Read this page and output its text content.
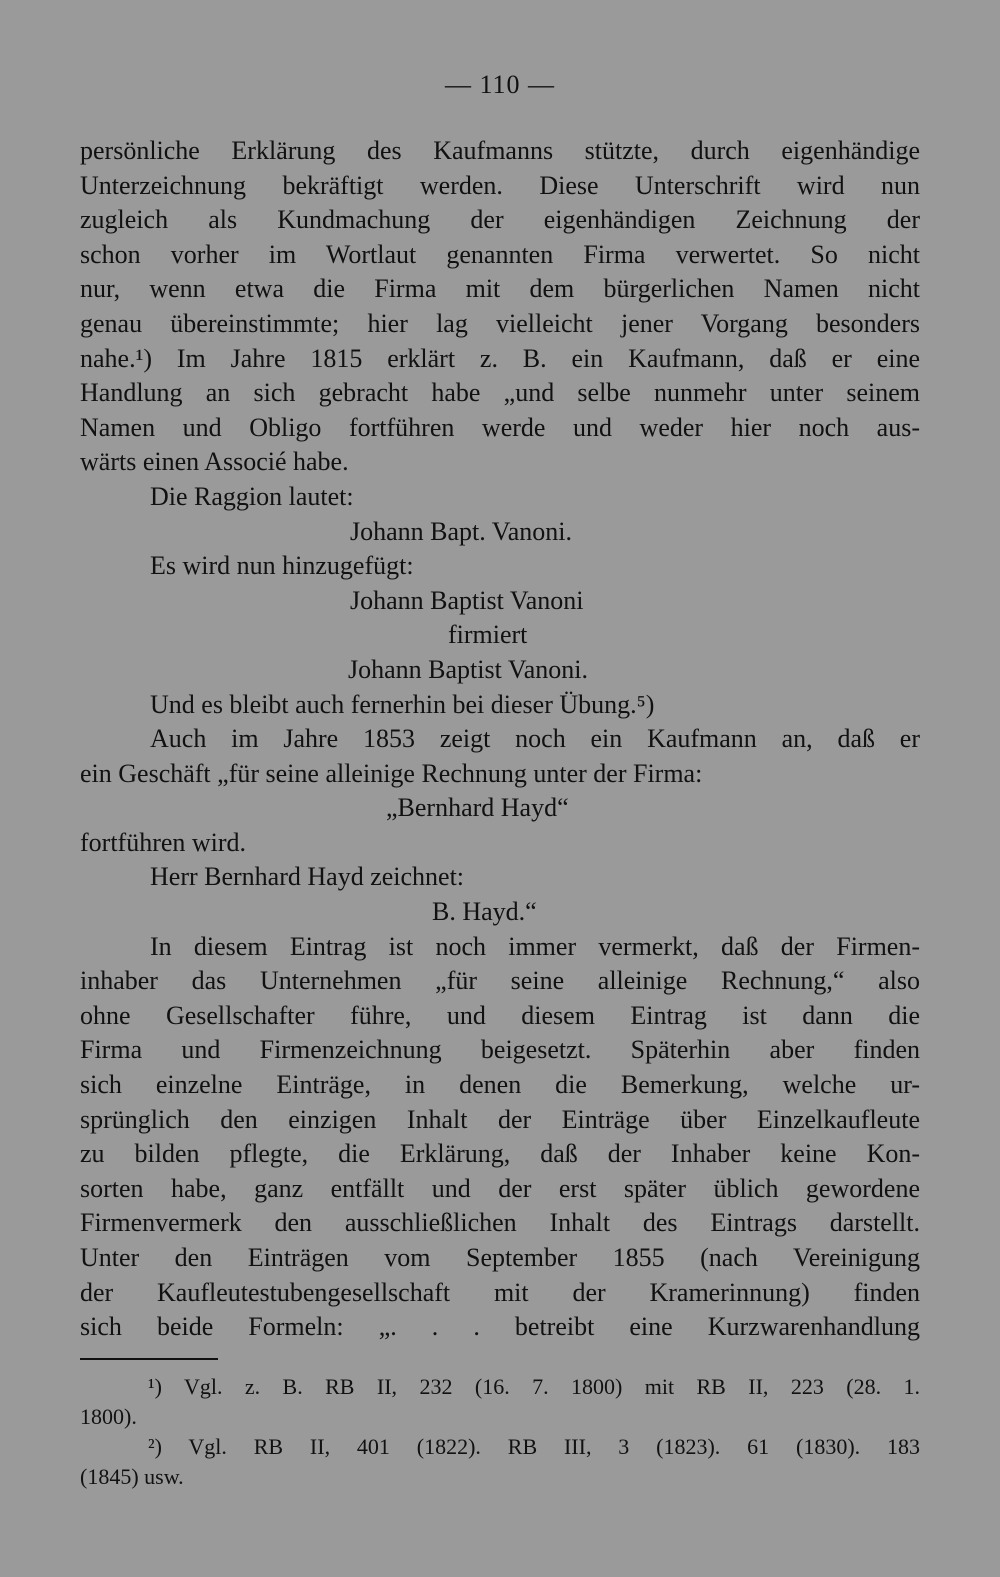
— 110 —

persönliche Erklärung des Kaufmanns stützte, durch eigenhändige

Unterzeichnung bekräftigt werden. Diese Unterschrift wird nun

zugleich als Kundmachung der eigenhändigen Zeichnung der

schon vorher im Wortlaut genannten Firma verwertet. So nicht

nur, wenn etwa die Firma mit dem bürgerlichen Namen nicht

genau übereinstimmte; hier lag vielleicht jener Vorgang besonders

nahe.¹) Im Jahre 1815 erklärt z. B. ein Kaufmann, daß er eine

Handlung an sich gebracht habe „und selbe nunmehr unter seinem

Namen und Obligo fortführen werde und weder hier noch aus-

wärts einen Associé habe.

Die Raggion lautet:

Johann Bapt. Vanoni.

Es wird nun hinzugefügt:

Johann Baptist Vanoni

firmiert

Johann Baptist Vanoni.

Und es bleibt auch fernerhin bei dieser Übung.⁵)

Auch im Jahre 1853 zeigt noch ein Kaufmann an, daß er

ein Geschäft „für seine alleinige Rechnung unter der Firma:

„Bernhard Hayd“

fortführen wird.

Herr Bernhard Hayd zeichnet:

B. Hayd.“

In diesem Eintrag ist noch immer vermerkt, daß der Firmen-

inhaber das Unternehmen „für seine alleinige Rechnung,“ also

ohne Gesellschafter führe, und diesem Eintrag ist dann die

Firma und Firmenzeichnung beigesetzt. Späterhin aber finden

sich einzelne Einträge, in denen die Bemerkung, welche ur-

sprünglich den einzigen Inhalt der Einträge über Einzelkaufleute

zu bilden pflegte, die Erklärung, daß der Inhaber keine Kon-

sorten habe, ganz entfällt und der erst später üblich gewordene

Firmenvermerk den ausschließlichen Inhalt des Eintrags darstellt.

Unter den Einträgen vom September 1855 (nach Vereinigung

der Kaufleutestubengesellschaft mit der Kramerinnung) finden

sich beide Formeln: „. . . betreibt eine Kurzwarenhandlung

¹) Vgl. z. B. RB II, 232 (16. 7. 1800) mit RB II, 223 (28. 1.

1800).

²) Vgl. RB II, 401 (1822). RB III, 3 (1823). 61 (1830). 183

(1845) usw.
